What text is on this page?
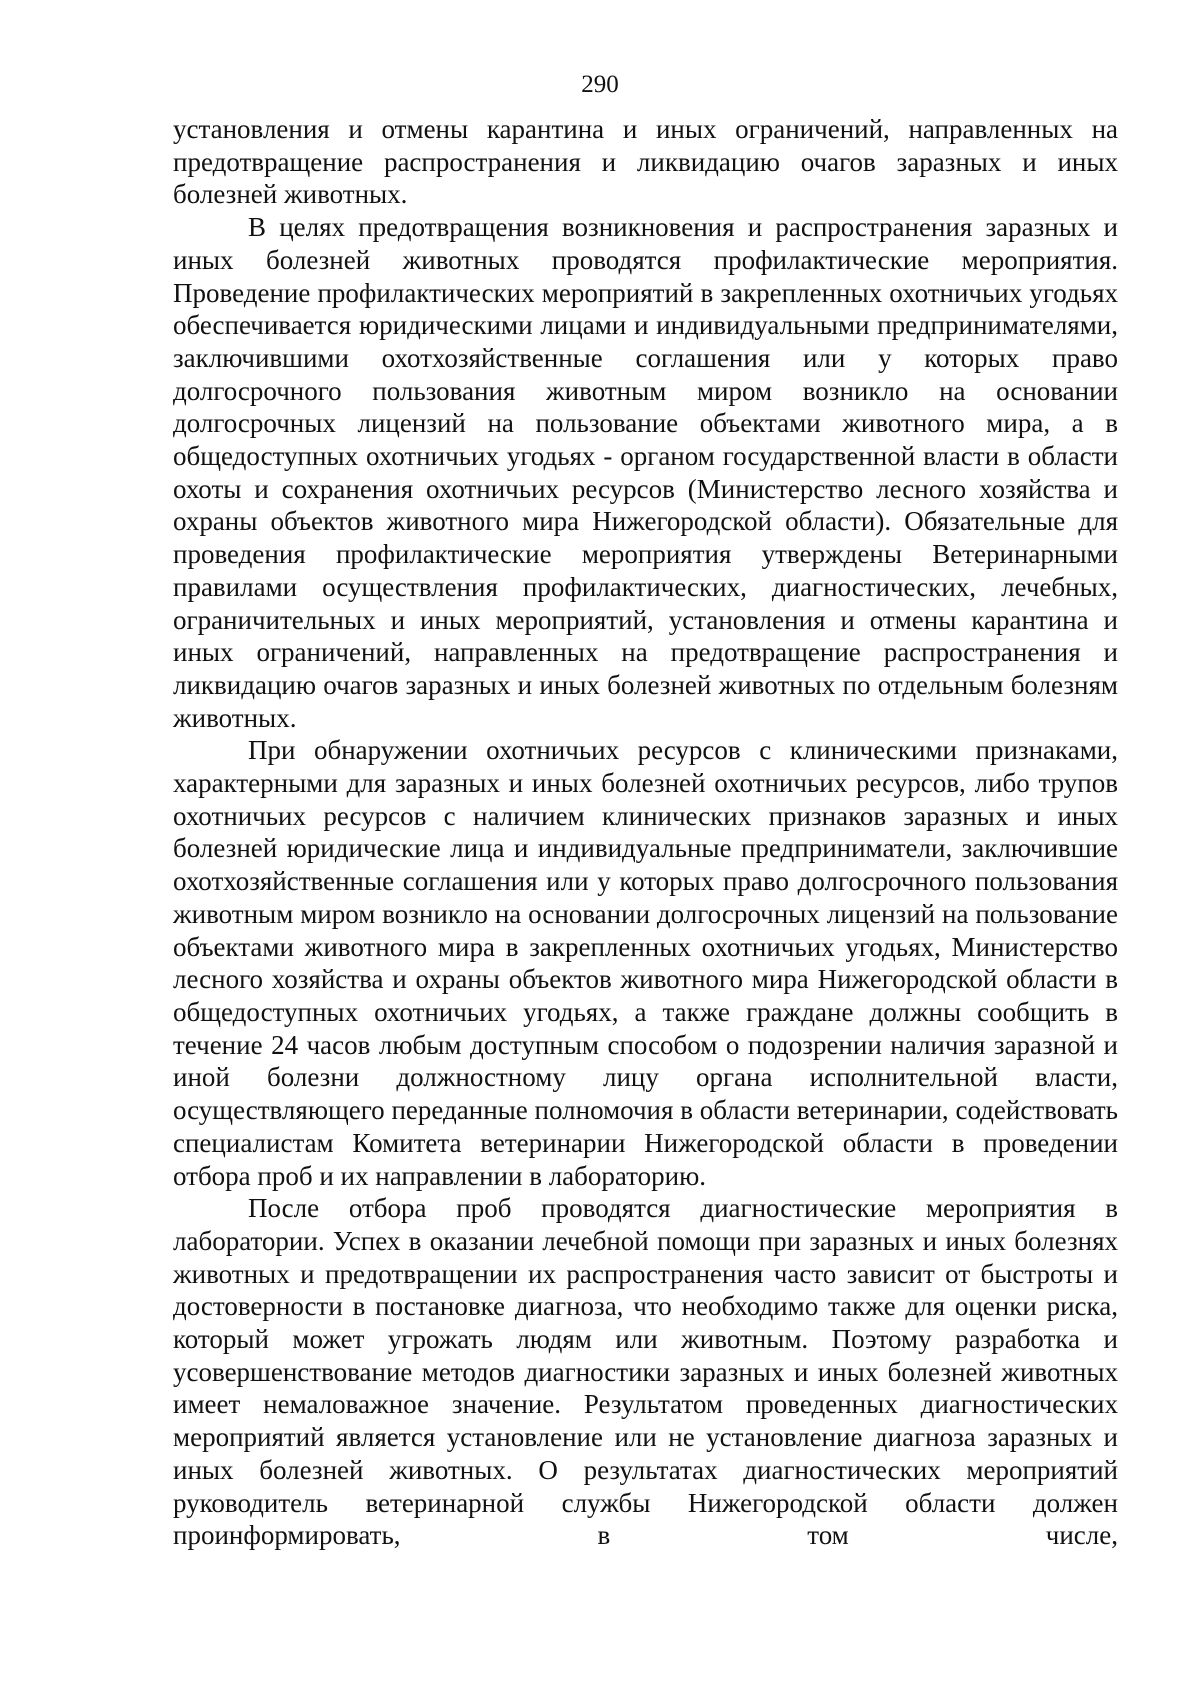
290

установления и отмены карантина и иных ограничений, направленных на предотвращение распространения и ликвидацию очагов заразных и иных болезней животных.

В целях предотвращения возникновения и распространения заразных и иных болезней животных проводятся профилактические мероприятия. Проведение профилактических мероприятий в закрепленных охотничьих угодьях обеспечивается юридическими лицами и индивидуальными предпринимателями, заключившими охотхозяйственные соглашения или у которых право долгосрочного пользования животным миром возникло на основании долгосрочных лицензий на пользование объектами животного мира, а в общедоступных охотничьих угодьях - органом государственной власти в области охоты и сохранения охотничьих ресурсов (Министерство лесного хозяйства и охраны объектов животного мира Нижегородской области). Обязательные для проведения профилактические мероприятия утверждены Ветеринарными правилами осуществления профилактических, диагностических, лечебных, ограничительных и иных мероприятий, установления и отмены карантина и иных ограничений, направленных на предотвращение распространения и ликвидацию очагов заразных и иных болезней животных по отдельным болезням животных.

При обнаружении охотничьих ресурсов с клиническими признаками, характерными для заразных и иных болезней охотничьих ресурсов, либо трупов охотничьих ресурсов с наличием клинических признаков заразных и иных болезней юридические лица и индивидуальные предприниматели, заключившие охотхозяйственные соглашения или у которых право долгосрочного пользования животным миром возникло на основании долгосрочных лицензий на пользование объектами животного мира в закрепленных охотничьих угодьях, Министерство лесного хозяйства и охраны объектов животного мира Нижегородской области в общедоступных охотничьих угодьях, а также граждане должны сообщить в течение 24 часов любым доступным способом о подозрении наличия заразной и иной болезни должностному лицу органа исполнительной власти, осуществляющего переданные полномочия в области ветеринарии, содействовать специалистам Комитета ветеринарии Нижегородской области в проведении отбора проб и их направлении в лабораторию.

После отбора проб проводятся диагностические мероприятия в лаборатории. Успех в оказании лечебной помощи при заразных и иных болезнях животных и предотвращении их распространения часто зависит от быстроты и достоверности в постановке диагноза, что необходимо также для оценки риска, который может угрожать людям или животным. Поэтому разработка и усовершенствование методов диагностики заразных и иных болезней животных имеет немаловажное значение. Результатом проведенных диагностических мероприятий является установление или не установление диагноза заразных и иных болезней животных. О результатах диагностических мероприятий руководитель ветеринарной службы Нижегородской области должен проинформировать, в том числе,
